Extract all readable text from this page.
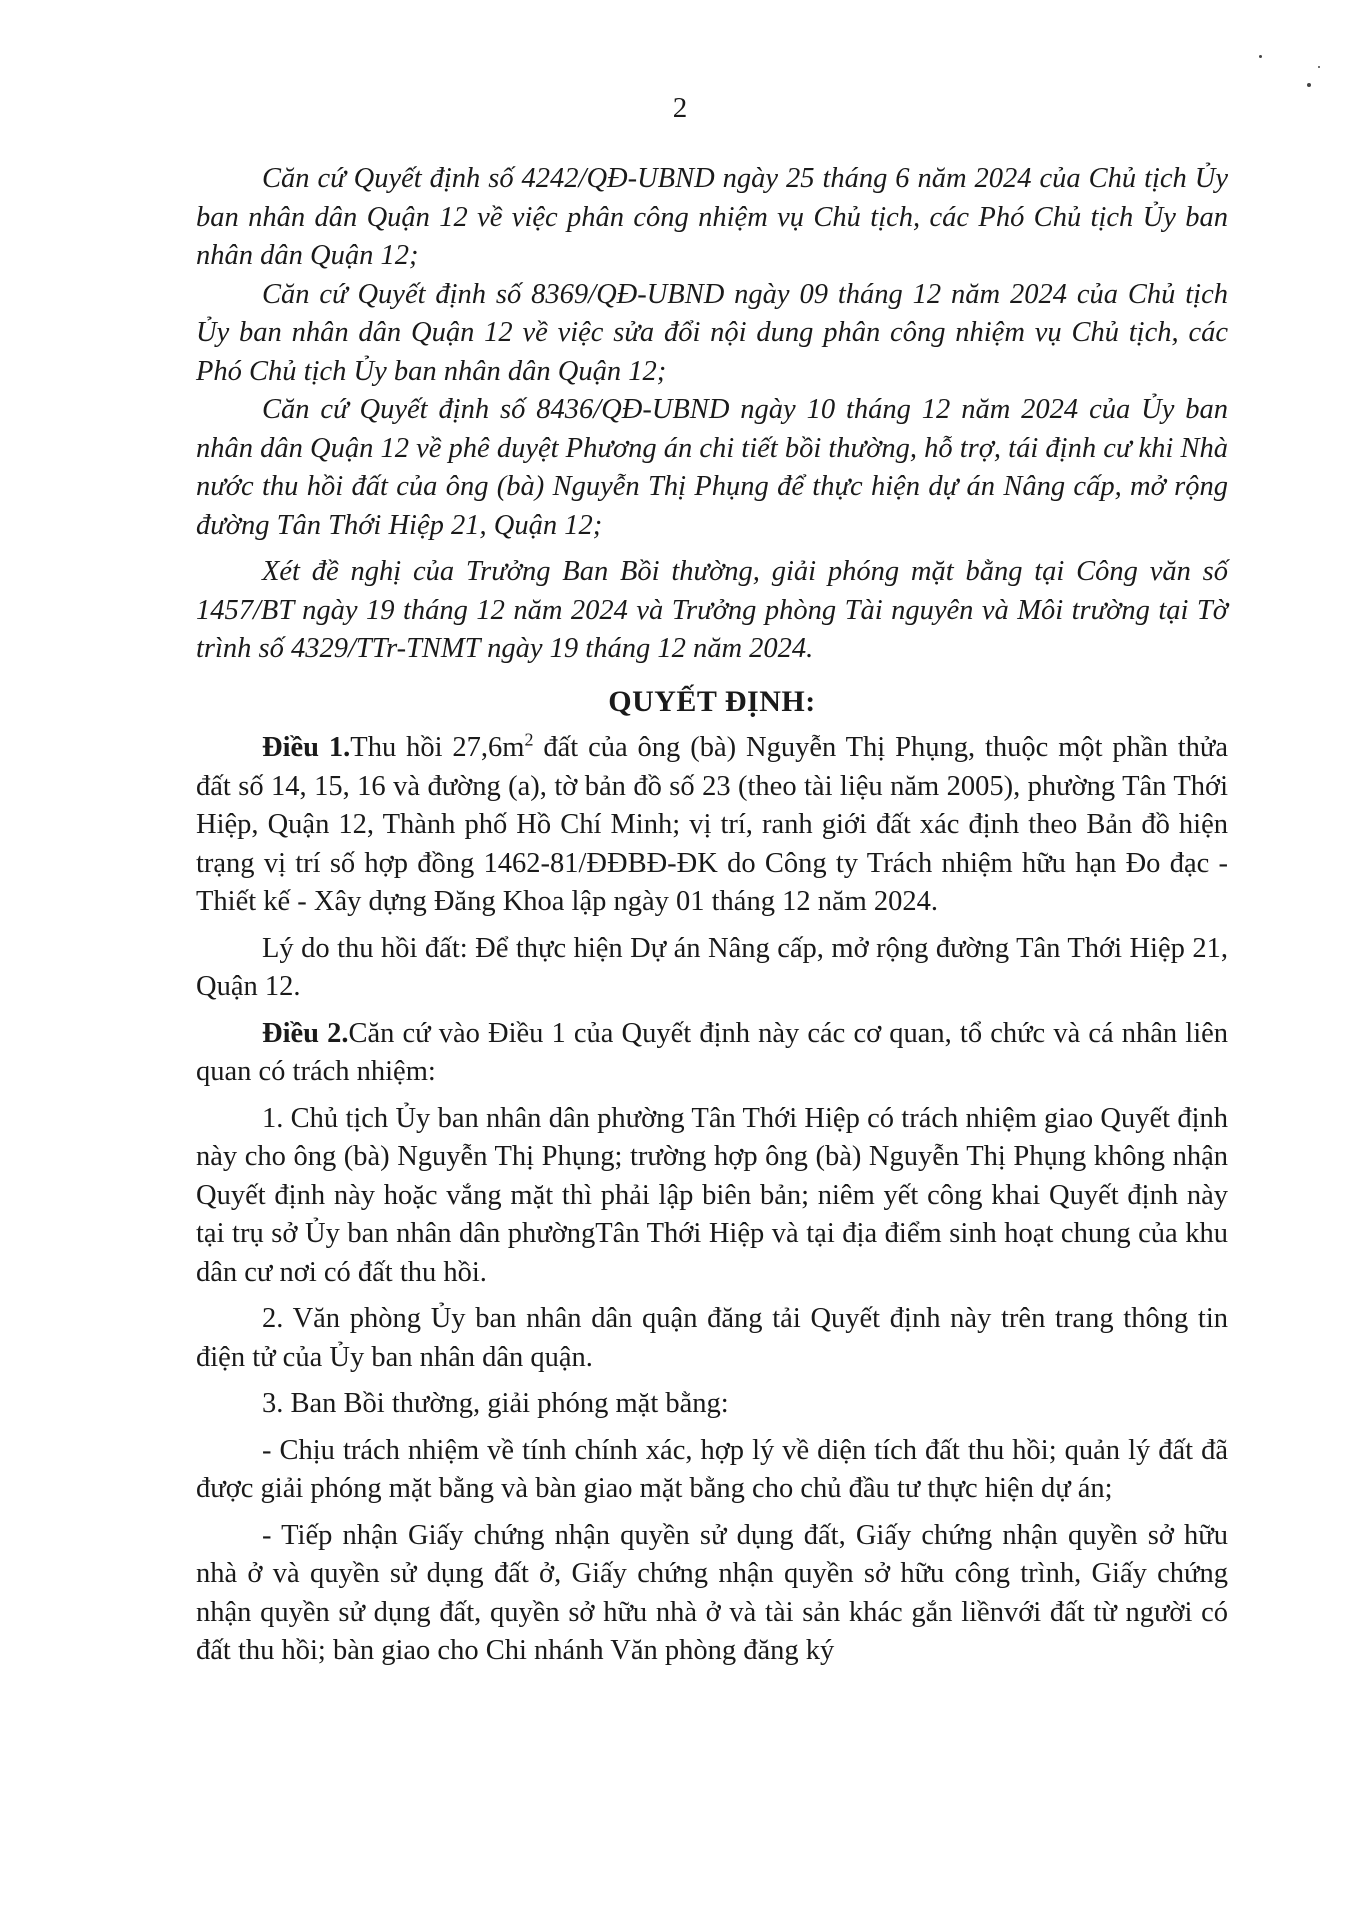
2

Căn cứ Quyết định số 4242/QĐ-UBND ngày 25 tháng 6 năm 2024 của Chủ tịch Ủy ban nhân dân Quận 12 về việc phân công nhiệm vụ Chủ tịch, các Phó Chủ tịch Ủy ban nhân dân Quận 12;

Căn cứ Quyết định số 8369/QĐ-UBND ngày 09 tháng 12 năm 2024 của Chủ tịch Ủy ban nhân dân Quận 12 về việc sửa đổi nội dung phân công nhiệm vụ Chủ tịch, các Phó Chủ tịch Ủy ban nhân dân Quận 12;

Căn cứ Quyết định số 8436/QĐ-UBND ngày 10 tháng 12 năm 2024 của Ủy ban nhân dân Quận 12 về phê duyệt Phương án chi tiết bồi thường, hỗ trợ, tái định cư khi Nhà nước thu hồi đất của ông (bà) Nguyễn Thị Phụng để thực hiện dự án Nâng cấp, mở rộng đường Tân Thới Hiệp 21, Quận 12;

Xét đề nghị của Trưởng Ban Bồi thường, giải phóng mặt bằng tại Công văn số 1457/BT ngày 19 tháng 12 năm 2024 và Trưởng phòng Tài nguyên và Môi trường tại Tờ trình số 4329/TTr-TNMT ngày 19 tháng 12 năm 2024.

QUYẾT ĐỊNH:

Điều 1.Thu hồi $27,6m^2$ đất của ông (bà) Nguyễn Thị Phụng, thuộc một phần thửa đất số 14, 15, 16 và đường (a), tờ bản đồ số 23 (theo tài liệu năm 2005), phường Tân Thới Hiệp, Quận 12, Thành phố Hồ Chí Minh; vị trí, ranh giới đất xác định theo Bản đồ hiện trạng vị trí số hợp đồng 1462-81/ĐĐBĐ-ĐK do Công ty Trách nhiệm hữu hạn Đo đạc - Thiết kế - Xây dựng Đăng Khoa lập ngày 01 tháng 12 năm 2024.

Lý do thu hồi đất: Để thực hiện Dự án Nâng cấp, mở rộng đường Tân Thới Hiệp 21, Quận 12.

Điều 2.Căn cứ vào Điều 1 của Quyết định này các cơ quan, tổ chức và cá nhân liên quan có trách nhiệm:

1. Chủ tịch Ủy ban nhân dân phường Tân Thới Hiệp có trách nhiệm giao Quyết định này cho ông (bà) Nguyễn Thị Phụng; trường hợp ông (bà) Nguyễn Thị Phụng không nhận Quyết định này hoặc vắng mặt thì phải lập biên bản; niêm yết công khai Quyết định này tại trụ sở Ủy ban nhân dân phườngTân Thới Hiệp và tại địa điểm sinh hoạt chung của khu dân cư nơi có đất thu hồi.

2. Văn phòng Ủy ban nhân dân quận đăng tải Quyết định này trên trang thông tin điện tử của Ủy ban nhân dân quận.

3. Ban Bồi thường, giải phóng mặt bằng:

- Chịu trách nhiệm về tính chính xác, hợp lý về diện tích đất thu hồi; quản lý đất đã được giải phóng mặt bằng và bàn giao mặt bằng cho chủ đầu tư thực hiện dự án;

- Tiếp nhận Giấy chứng nhận quyền sử dụng đất, Giấy chứng nhận quyền sở hữu nhà ở và quyền sử dụng đất ở, Giấy chứng nhận quyền sở hữu công trình, Giấy chứng nhận quyền sử dụng đất, quyền sở hữu nhà ở và tài sản khác gắn liềnvới đất từ người có đất thu hồi; bàn giao cho Chi nhánh Văn phòng đăng ký
